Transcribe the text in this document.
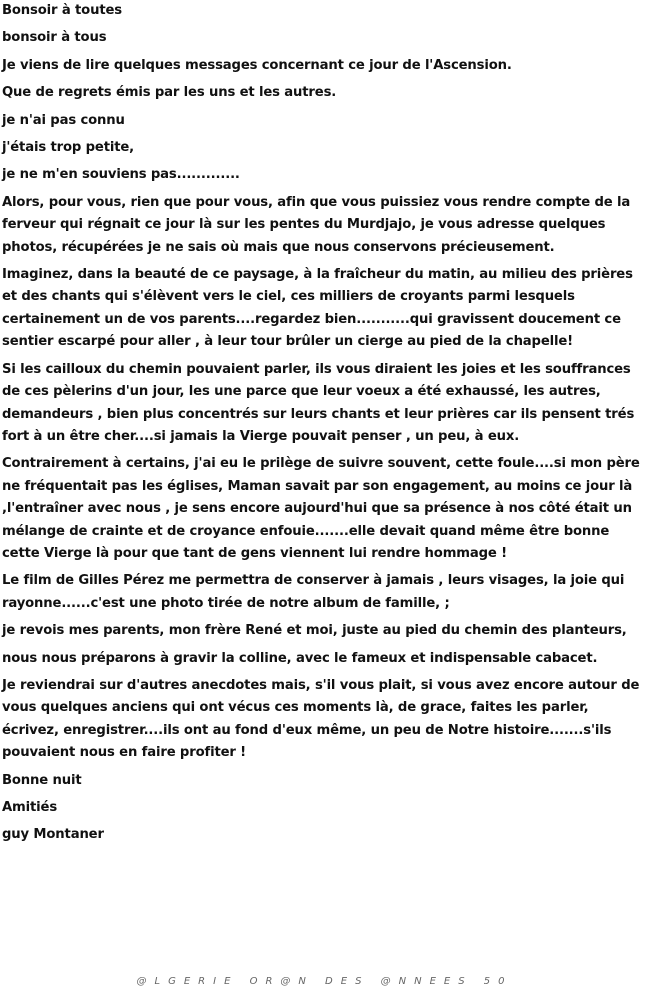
Bonsoir à toutes

bonsoir à tous

Je viens de lire quelques messages concernant ce jour de l'Ascension.

Que de regrets émis par les uns et les autres.

je n'ai pas connu

j'étais trop petite,

je ne m'en souviens pas.............

Alors, pour vous, rien que pour vous, afin que vous puissiez vous rendre compte de la ferveur qui régnait ce jour là sur les pentes du Murdjajo, je vous adresse quelques photos, récupérées je ne sais où mais que nous conservons précieusement.

Imaginez, dans la beauté de ce paysage, à la fraîcheur du matin, au milieu des prières et des chants qui s'élèvent vers le ciel, ces milliers de croyants parmi lesquels certainement un de vos parents....regardez bien...........qui gravissent doucement ce sentier escarpé pour aller , à leur tour brûler un cierge au pied de la chapelle!

Si les cailloux du chemin pouvaient parler, ils vous diraient les joies et les souffrances de ces pèlerins d'un jour, les une parce que leur voeux a été exhaussé, les autres, demandeurs , bien plus concentrés sur leurs chants et leur prières car ils pensent trés fort à un être cher....si jamais la Vierge pouvait penser , un peu, à eux.

Contrairement à certains, j'ai eu le prilège de suivre souvent, cette foule....si mon père ne fréquentait pas les églises, Maman savait par son engagement, au moins ce jour là ,l'entraîner avec nous , je sens encore aujourd'hui que sa présence à nos côté était un mélange de crainte et de croyance enfouie.......elle devait quand même être bonne cette Vierge là pour que tant de gens viennent lui rendre hommage !

Le film de Gilles Pérez me permettra de conserver à jamais , leurs visages, la joie qui rayonne......c'est une photo tirée de notre album de famille, ;

je revois mes parents, mon frère René et moi, juste au pied du chemin des planteurs,

nous nous préparons à gravir la colline, avec le fameux et indispensable cabacet.

Je reviendrai sur d'autres anecdotes mais, s'il vous plait, si vous avez encore autour de vous quelques anciens qui ont vécus ces moments là, de grace, faites les parler, écrivez, enregistrer....ils ont au fond d'eux même, un peu de Notre histoire.......s'ils pouvaient nous en faire profiter !

Bonne nuit

Amitiés

guy Montaner

@LGERIE OR@N DES @NNEES 50
